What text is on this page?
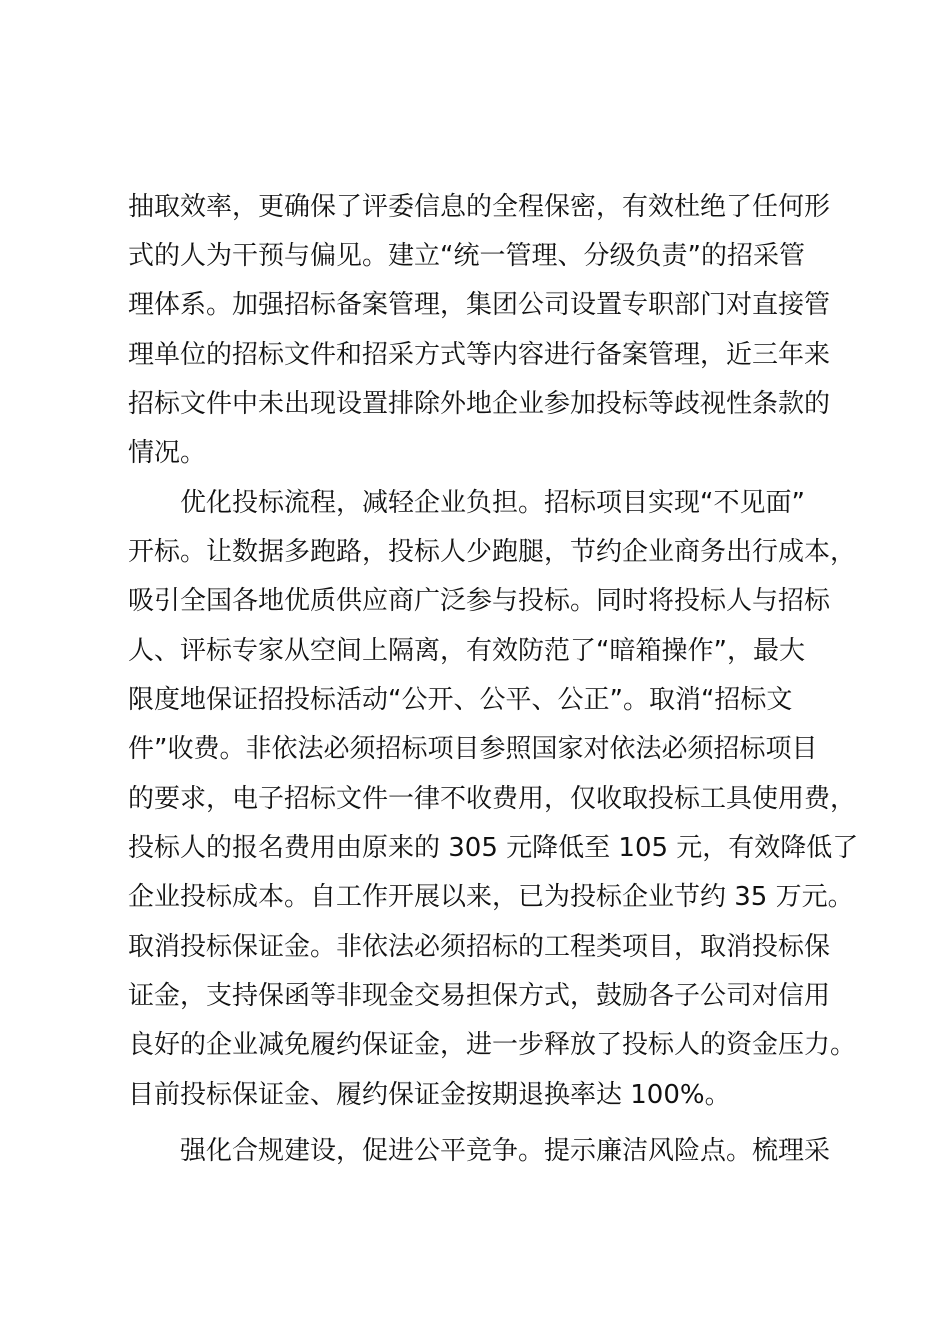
抽取效率，更确保了评委信息的全程保密，有效杜绝了任何形
式的人为干预与偏见。建立“统一管理、分级负责”的招采管
理体系。加强招标备案管理，集团公司设置专职部门对直接管
理单位的招标文件和招采方式等内容进行备案管理，近三年来
招标文件中未出现设置排除外地企业参加投标等歧视性条款的
情况。
优化投标流程，减轻企业负担。招标项目实现“不见面”
开标。让数据多跑路，投标人少跑腿，节约企业商务出行成本，
吸引全国各地优质供应商广泛参与投标。同时将投标人与招标
人、评标专家从空间上隔离，有效防范了“暗箱操作”，最大
限度地保证招投标活动“公开、公平、公正”。取消“招标文
件”收费。非依法必须招标项目参照国家对依法必须招标项目
的要求，电子招标文件一律不收费用，仅收取投标工具使用费，
投标人的报名费用由原来的 305 元降低至 105 元，有效降低了
企业投标成本。自工作开展以来，已为投标企业节约 35 万元。
取消投标保证金。非依法必须招标的工程类项目，取消投标保
证金，支持保函等非现金交易担保方式，鼓励各子公司对信用
良好的企业减免履约保证金，进一步释放了投标人的资金压力。
目前投标保证金、履约保证金按期退换率达 100%。
强化合规建设，促进公平竞争。提示廉洁风险点。梳理采
